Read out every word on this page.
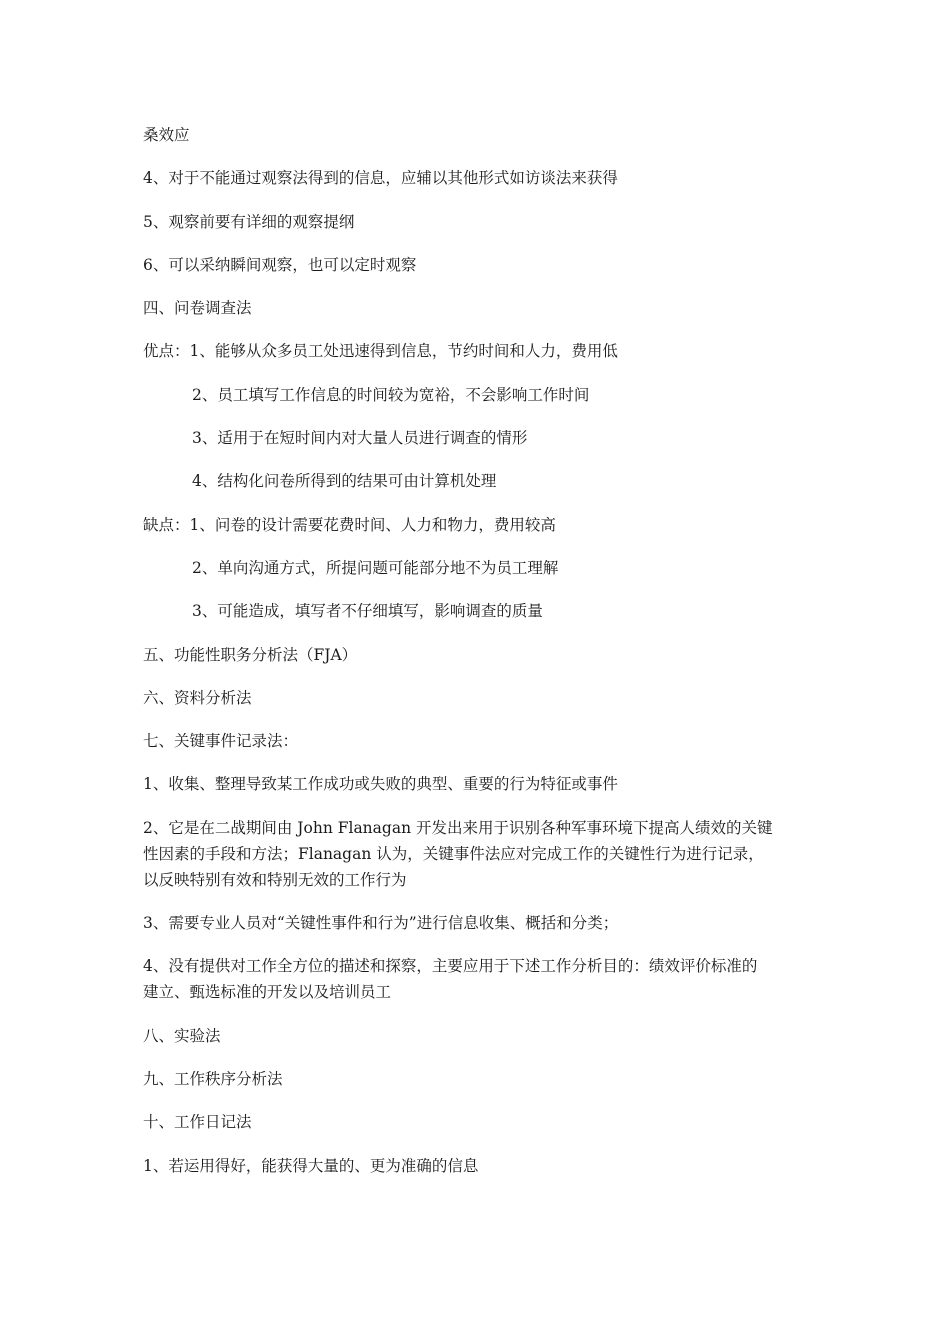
桑效应

4、对于不能通过观察法得到的信息，应辅以其他形式如访谈法来获得

5、观察前要有详细的观察提纲

6、可以采纳瞬间观察，也可以定时观察

四、问卷调查法

优点：1、能够从众多员工处迅速得到信息，节约时间和人力，费用低

2、员工填写工作信息的时间较为宽裕，不会影响工作时间

3、适用于在短时间内对大量人员进行调查的情形

4、结构化问卷所得到的结果可由计算机处理

缺点：1、问卷的设计需要花费时间、人力和物力，费用较高

2、单向沟通方式，所提问题可能部分地不为员工理解

3、可能造成，填写者不仔细填写，影响调查的质量

五、功能性职务分析法（FJA）

六、资料分析法

七、关键事件记录法：

1、收集、整理导致某工作成功或失败的典型、重要的行为特征或事件

2、它是在二战期间由 John Flanagan 开发出来用于识别各种军事环境下提高人绩效的关键
性因素的手段和方法；Flanagan 认为，关键事件法应对完成工作的关键性行为进行记录，
以反映特别有效和特别无效的工作行为

3、需要专业人员对“关键性事件和行为”进行信息收集、概括和分类；

4、没有提供对工作全方位的描述和探察，主要应用于下述工作分析目的：绩效评价标准的
建立、甄选标准的开发以及培训员工

八、实验法

九、工作秩序分析法

十、工作日记法

1、若运用得好，能获得大量的、更为准确的信息
